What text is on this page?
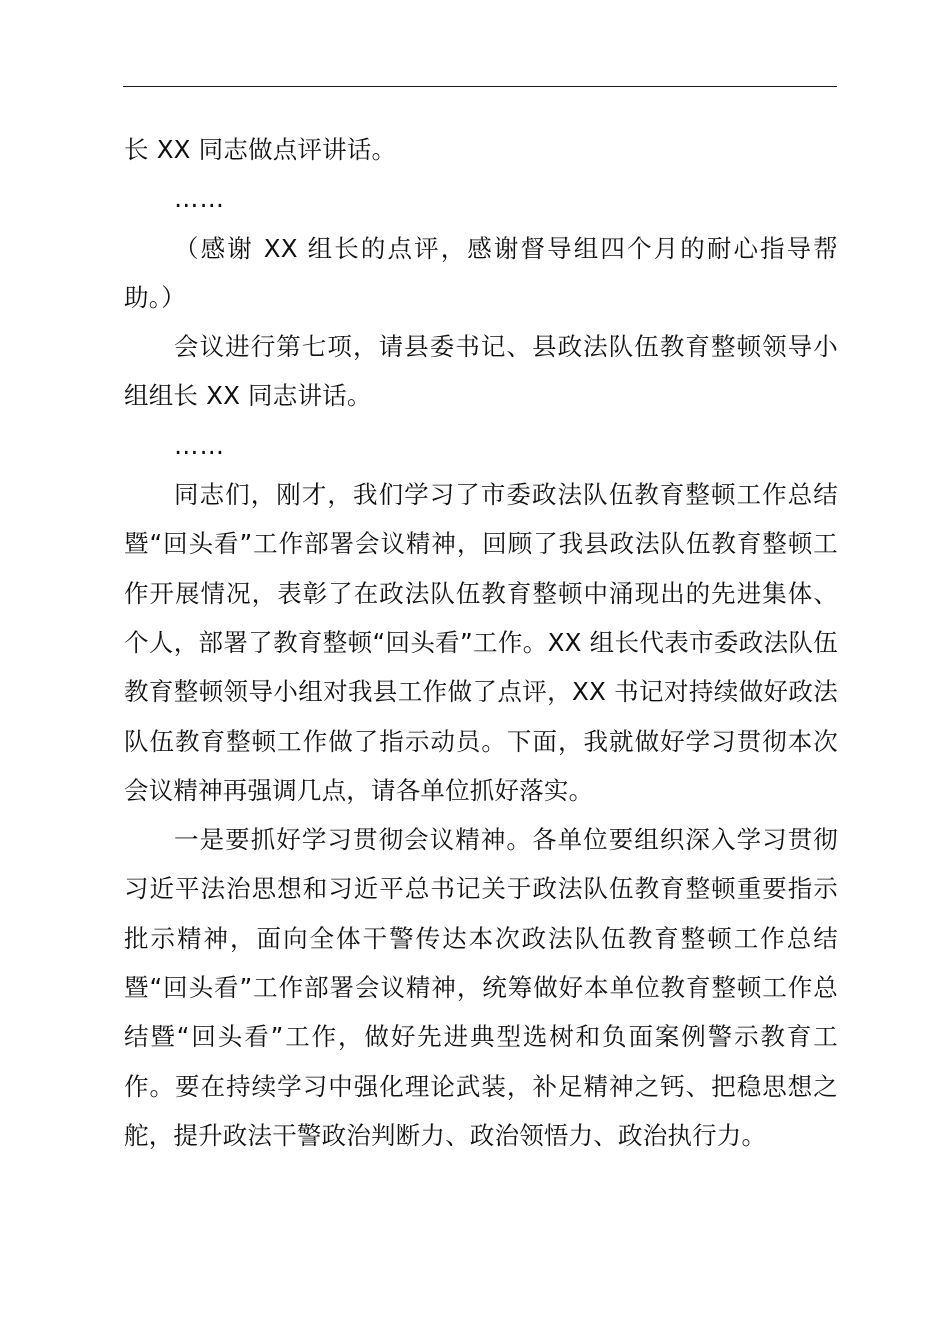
长 XX 同志做点评讲话。

……

（感谢 XX 组长的点评，感谢督导组四个月的耐心指导帮助。）

会议进行第七项，请县委书记、县政法队伍教育整顿领导小组组长 XX 同志讲话。

……

同志们，刚才，我们学习了市委政法队伍教育整顿工作总结暨“回头看”工作部署会议精神，回顾了我县政法队伍教育整顿工作开展情况，表彰了在政法队伍教育整顿中涌现出的先进集体、个人，部署了教育整顿“回头看”工作。XX 组长代表市委政法队伍教育整顿领导小组对我县工作做了点评，XX 书记对持续做好政法队伍教育整顿工作做了指示动员。下面，我就做好学习贯彻本次会议精神再强调几点，请各单位抓好落实。

一是要抓好学习贯彻会议精神。各单位要组织深入学习贯彻习近平法治思想和习近平总书记关于政法队伍教育整顿重要指示批示精神，面向全体干警传达本次政法队伍教育整顿工作总结暨“回头看”工作部署会议精神，统筹做好本单位教育整顿工作总结暨“回头看”工作，做好先进典型选树和负面案例警示教育工作。要在持续学习中强化理论武装，补足精神之钙、把稳思想之舵，提升政法干警政治判断力、政治领悟力、政治执行力。
